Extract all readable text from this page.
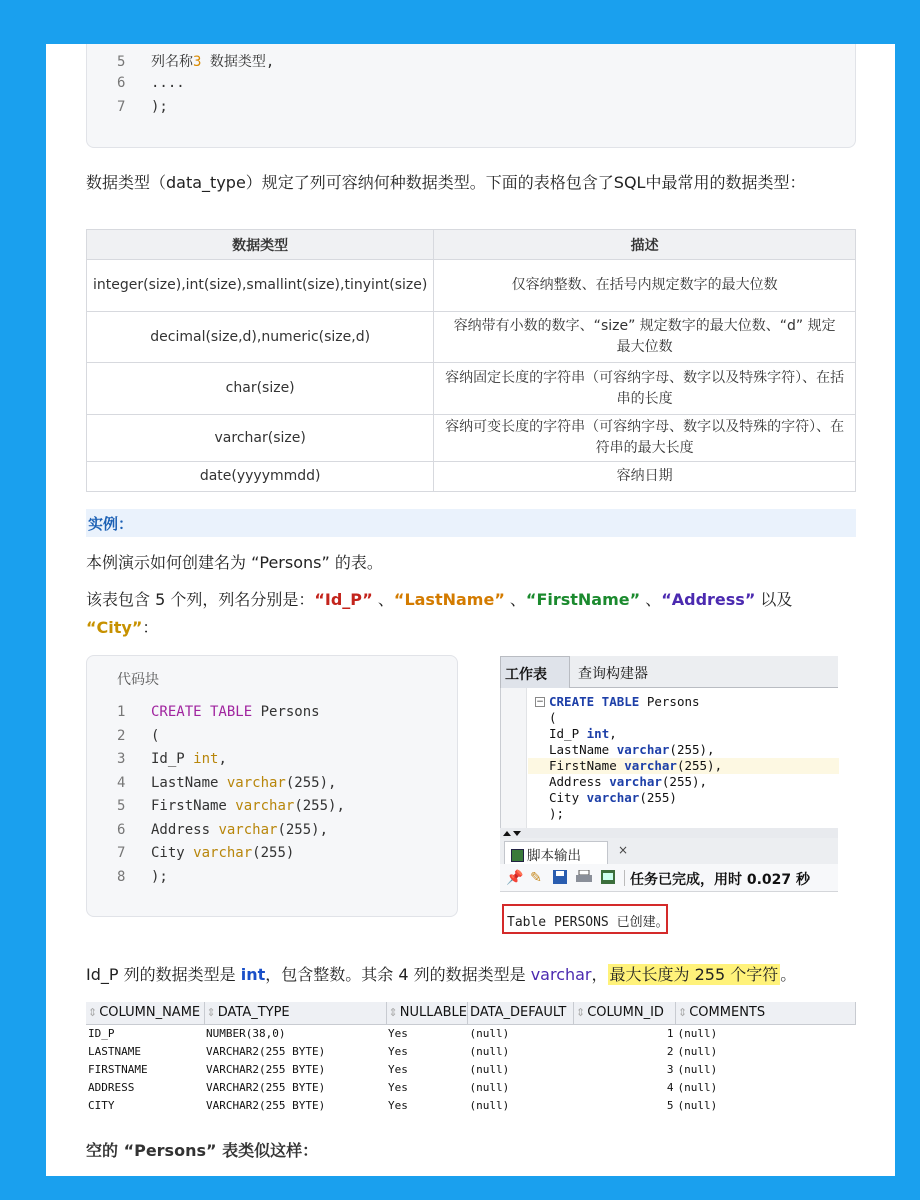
5 列名称3 数据类型,
6 ....
7 );
数据类型（data_type）规定了列可容纳何种数据类型。下面的表格包含了SQL中最常用的数据类型：
数据类型	描述
integer(size),int(size),smallint(size),tinyint(size)	仅容纳整数、在括号内规定数字的最大位数

decimal(size,d),numeric(size,d)	容纳带有小数的数字、“size” 规定数字的最大位数、“d” 规定
最大位数

char(size)	容纳固定长度的字符串（可容纳字母、数字以及特殊字符）、在括
串的长度

varchar(size)	容纳可变长度的字符串（可容纳字母、数字以及特殊的字符）、在
符串的最大长度

date(yyyymmdd)	容纳日期
实例：
本例演示如何创建名为 “Persons” 的表。
该表包含 5 个列，列名分别是：“Id_P” 、“LastName” 、“FirstName” 、“Address” 以及
“City”：
代码块
1 CREATE TABLE Persons
2 (
3 Id_P int,
4 LastName varchar(255),
5 FirstName varchar(255),
6 Address varchar(255),
7 City varchar(255)
8 );
工作表	查询构建器
− CREATE TABLE Persons
(
Id_P int,
LastName varchar(255),
FirstName varchar(255),
Address varchar(255),
City varchar(255)
);
脚本输出	×
📌 ✎	任务已完成，用时 0.027 秒
Table PERSONS 已创建。
Id_P 列的数据类型是 int，包含整数。其余 4 列的数据类型是 varchar， 最大长度为 255 个字符 。
⇕ COLUMN_NAME	⇕ DATA_TYPE	⇕ NULLABLE	DATA_DEFAULT	⇕ COLUMN_ID	⇕ COMMENTS
ID_P	NUMBER(38,0)	Yes	(null)	1	(null)
LASTNAME	VARCHAR2(255 BYTE)	Yes	(null)	2	(null)
FIRSTNAME	VARCHAR2(255 BYTE)	Yes	(null)	3	(null)
ADDRESS	VARCHAR2(255 BYTE)	Yes	(null)	4	(null)
CITY	VARCHAR2(255 BYTE)	Yes	(null)	5	(null)
空的 “Persons” 表类似这样：
